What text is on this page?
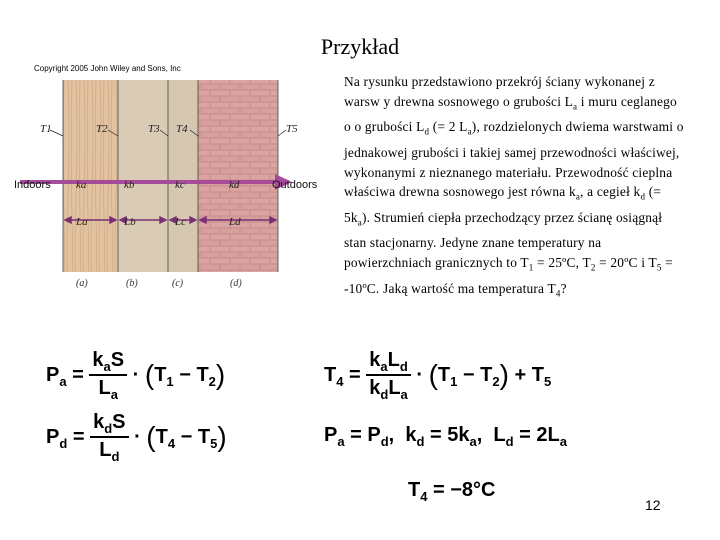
Przykład
Copyright 2005 John Wiley and Sons, Inc
T1	T2	T3 T4	T5
ka	kb	kc	kd
La	Lb	Lc	Ld
Indoors	Outdoors
(a)	(b)	(c)	(d)
Na rysunku przedstawiono przekrój ściany wykonanej z warsw y drewna sosnowego o grubości $L_a$ i muru ceglanego o o grubości $L_d$ (= 2 $L_a$), rozdzielonych dwiema warstwami o jednakowej grubości i takiej samej przewodności właściwej, wykonanymi z nieznanego materiału. Przewodność cieplna właściwa drewna sosnowego jest równa $k_a$, a cegieł $k_d$ (= $5k_a$). Strumień ciepła przechodzący przez ścianę osiągnął stan stacjonarny. Jedyne znane temperatury na powierzchniach granicznych to $T_1$ = 25ºC, $T_2$ = 20ºC i $T_5$ = -10ºC. Jaką wartość ma temperatura $T_4$?
$P_a = \frac{k_aS}{L_a} \cdot (T_1 - T_2)$
$P_d = \frac{k_dS}{L_d} \cdot (T_4 - T_5)$
$T_4 = \frac{k_aL_d}{k_dL_a} \cdot (T_1 - T_2) + T_5$
$P_a = P_d$,  $k_d = 5k_a$,  $L_d = 2L_a$
$T_4 = -8^\circ C$
12
